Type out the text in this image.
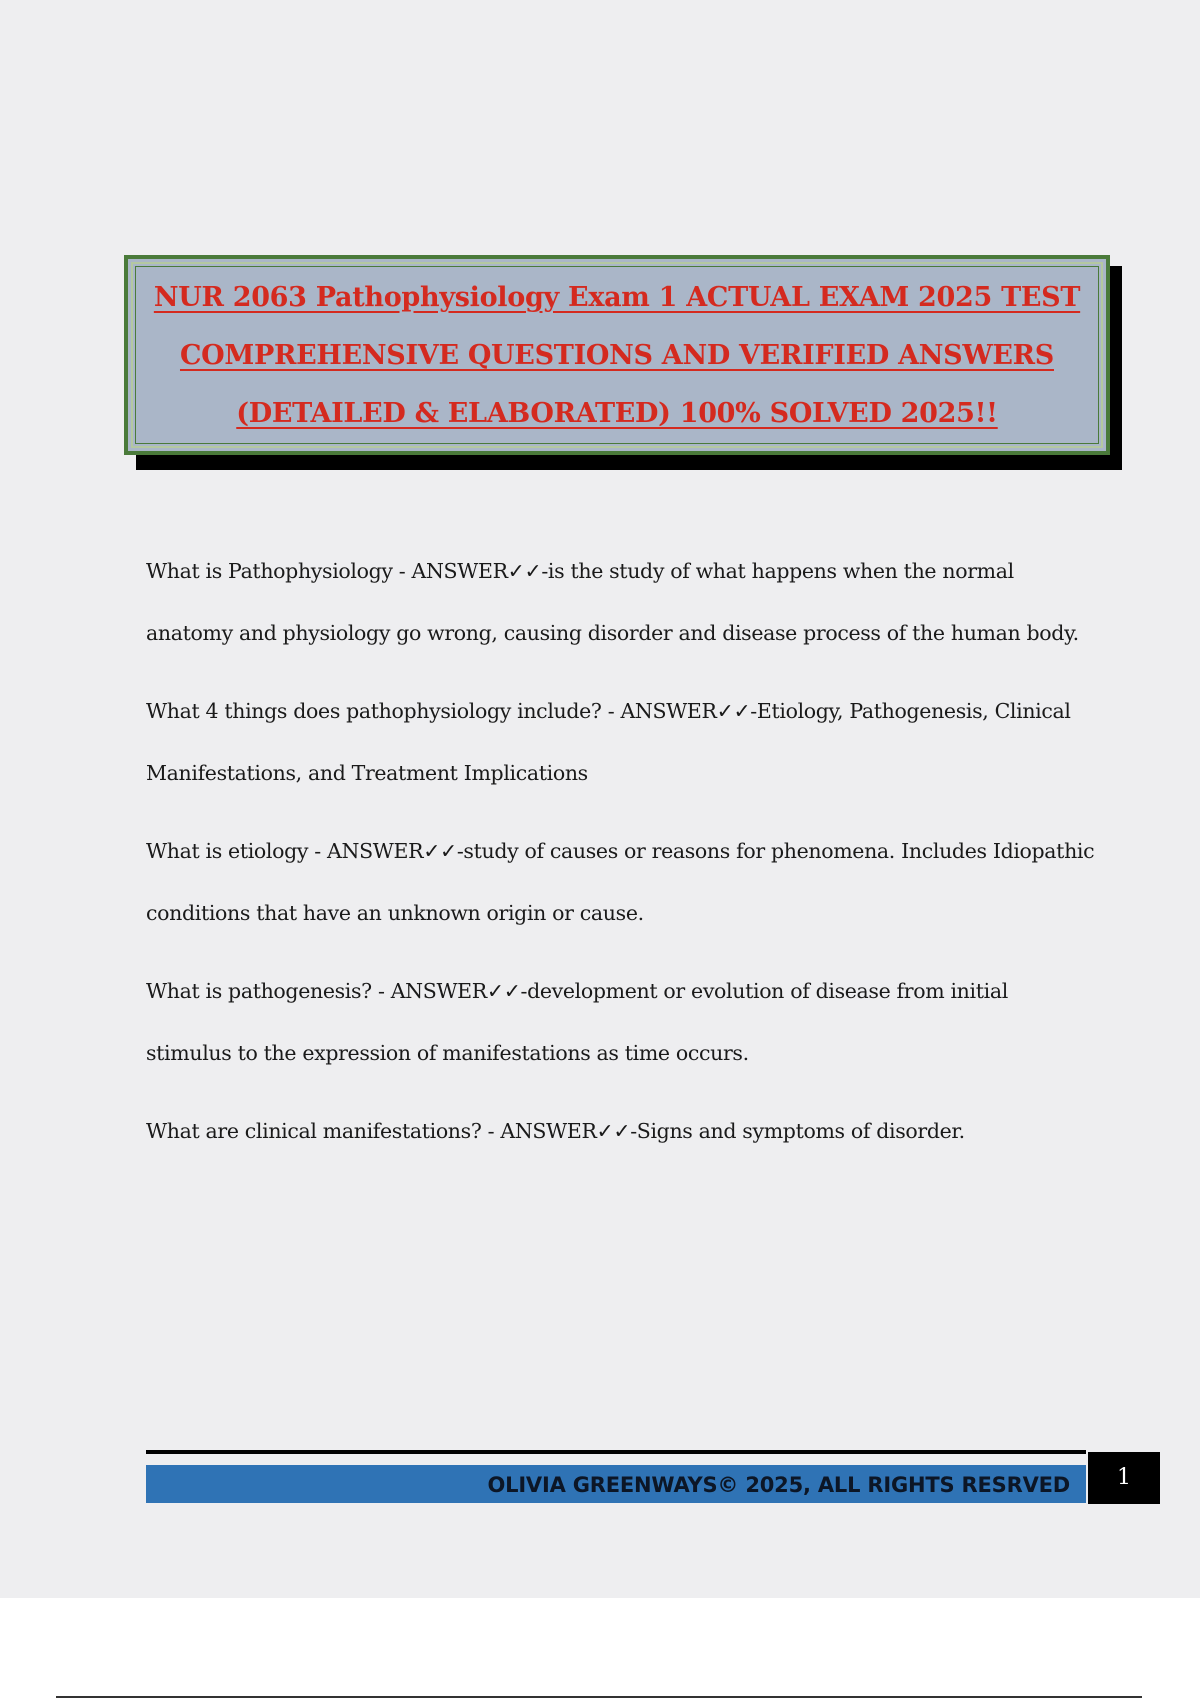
NUR 2063 Pathophysiology Exam 1 ACTUAL EXAM 2025 TEST COMPREHENSIVE QUESTIONS AND VERIFIED ANSWERS (DETAILED & ELABORATED) 100% SOLVED 2025!!
What is Pathophysiology - ANSWER✓✓-is the study of what happens when the normal anatomy and physiology go wrong, causing disorder and disease process of the human body.
What 4 things does pathophysiology include? - ANSWER✓✓-Etiology, Pathogenesis, Clinical Manifestations, and Treatment Implications
What is etiology - ANSWER✓✓-study of causes or reasons for phenomena. Includes Idiopathic conditions that have an unknown origin or cause.
What is pathogenesis? - ANSWER✓✓-development or evolution of disease from initial stimulus to the expression of manifestations as time occurs.
What are clinical manifestations? - ANSWER✓✓-Signs and symptoms of disorder.
OLIVIA GREENWAYS© 2025, ALL RIGHTS RESRVED	1
